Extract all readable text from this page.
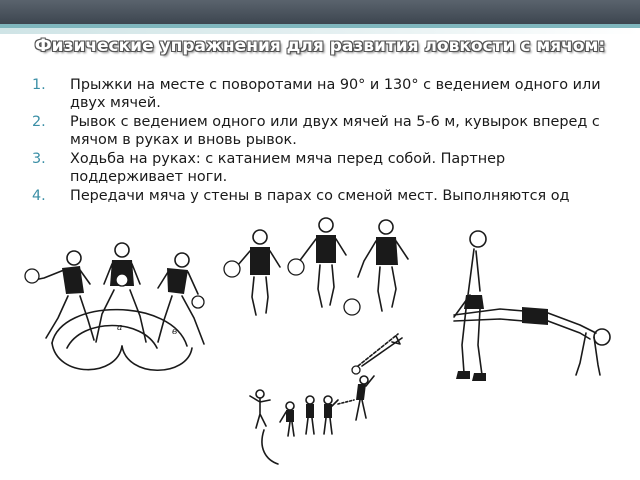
Физические упражнения для развития ловкости с мячом:
1. Прыжки на месте с поворотами на 90° и 130° с ведением одного или двух мячей.
2. Рывок с ведением одного или двух мячей на 5-6 м, кувырок вперед с мячом в руках и вновь рывок.
3. Ходьба на руках: с катанием мяча перед собой. Партнер поддерживает ноги.
4. Передачи мяча у стены в парах со сменой мест. Выполняются од
а	в
